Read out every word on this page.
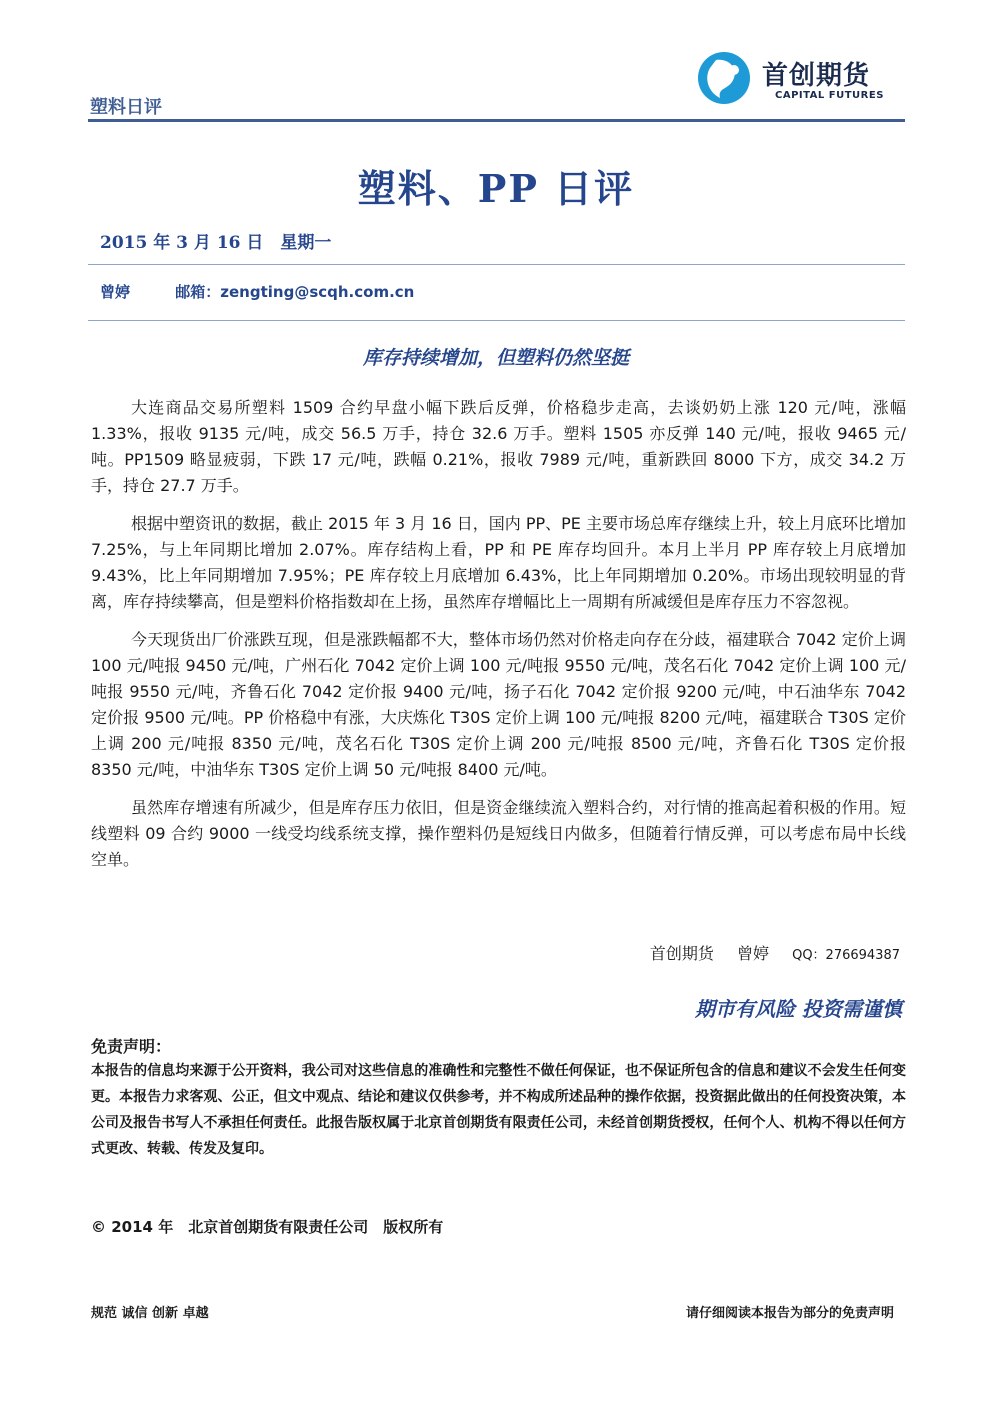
塑料日评
首创期货
CAPITAL FUTURES
塑料、PP 日评
2015 年 3 月 16 日　星期一
曾婷	邮箱：zengting@scqh.com.cn
库存持续增加，但塑料仍然坚挺

大连商品交易所塑料 1509 合约早盘小幅下跌后反弹，价格稳步走高，去谈奶奶上涨 120 元/吨，涨幅 1.33%，报收 9135 元/吨，成交 56.5 万手，持仓 32.6 万手。塑料 1505 亦反弹 140 元/吨，报收 9465 元/吨。PP1509 略显疲弱，下跌 17 元/吨，跌幅 0.21%，报收 7989 元/吨，重新跌回 8000 下方，成交 34.2 万手，持仓 27.7 万手。

根据中塑资讯的数据，截止 2015 年 3 月 16 日，国内 PP、PE 主要市场总库存继续上升，较上月底环比增加 7.25%，与上年同期比增加 2.07%。库存结构上看，PP 和 PE 库存均回升。本月上半月 PP 库存较上月底增加 9.43%，比上年同期增加 7.95%；PE 库存较上月底增加 6.43%，比上年同期增加 0.20%。市场出现较明显的背离，库存持续攀高，但是塑料价格指数却在上扬，虽然库存增幅比上一周期有所减缓但是库存压力不容忽视。

今天现货出厂价涨跌互现，但是涨跌幅都不大，整体市场仍然对价格走向存在分歧，福建联合 7042 定价上调 100 元/吨报 9450 元/吨，广州石化 7042 定价上调 100 元/吨报 9550 元/吨，茂名石化 7042 定价上调 100 元/吨报 9550 元/吨，齐鲁石化 7042 定价报 9400 元/吨，扬子石化 7042 定价报 9200 元/吨，中石油华东 7042 定价报 9500 元/吨。PP 价格稳中有涨，大庆炼化 T30S 定价上调 100 元/吨报 8200 元/吨，福建联合 T30S 定价上调 200 元/吨报 8350 元/吨，茂名石化 T30S 定价上调 200 元/吨报 8500 元/吨，齐鲁石化 T30S 定价报 8350 元/吨，中油华东 T30S 定价上调 50 元/吨报 8400 元/吨。

虽然库存增速有所减少，但是库存压力依旧，但是资金继续流入塑料合约，对行情的推高起着积极的作用。短线塑料 09 合约 9000 一线受均线系统支撑，操作塑料仍是短线日内做多，但随着行情反弹，可以考虑布局中长线空单。

首创期货 曾婷 QQ：276694387
期市有风险 投资需谨慎
免责声明：
本报告的信息均来源于公开资料，我公司对这些信息的准确性和完整性不做任何保证，也不保证所包含的信息和建议不会发生任何变更。本报告力求客观、公正，但文中观点、结论和建议仅供参考，并不构成所述品种的操作依据，投资据此做出的任何投资决策，本公司及报告书写人不承担任何责任。此报告版权属于北京首创期货有限责任公司，未经首创期货授权，任何个人、机构不得以任何方式更改、转载、传发及复印。
© 2014 年　北京首创期货有限责任公司　版权所有
规范 诚信 创新 卓越	请仔细阅读本报告为部分的免责声明
